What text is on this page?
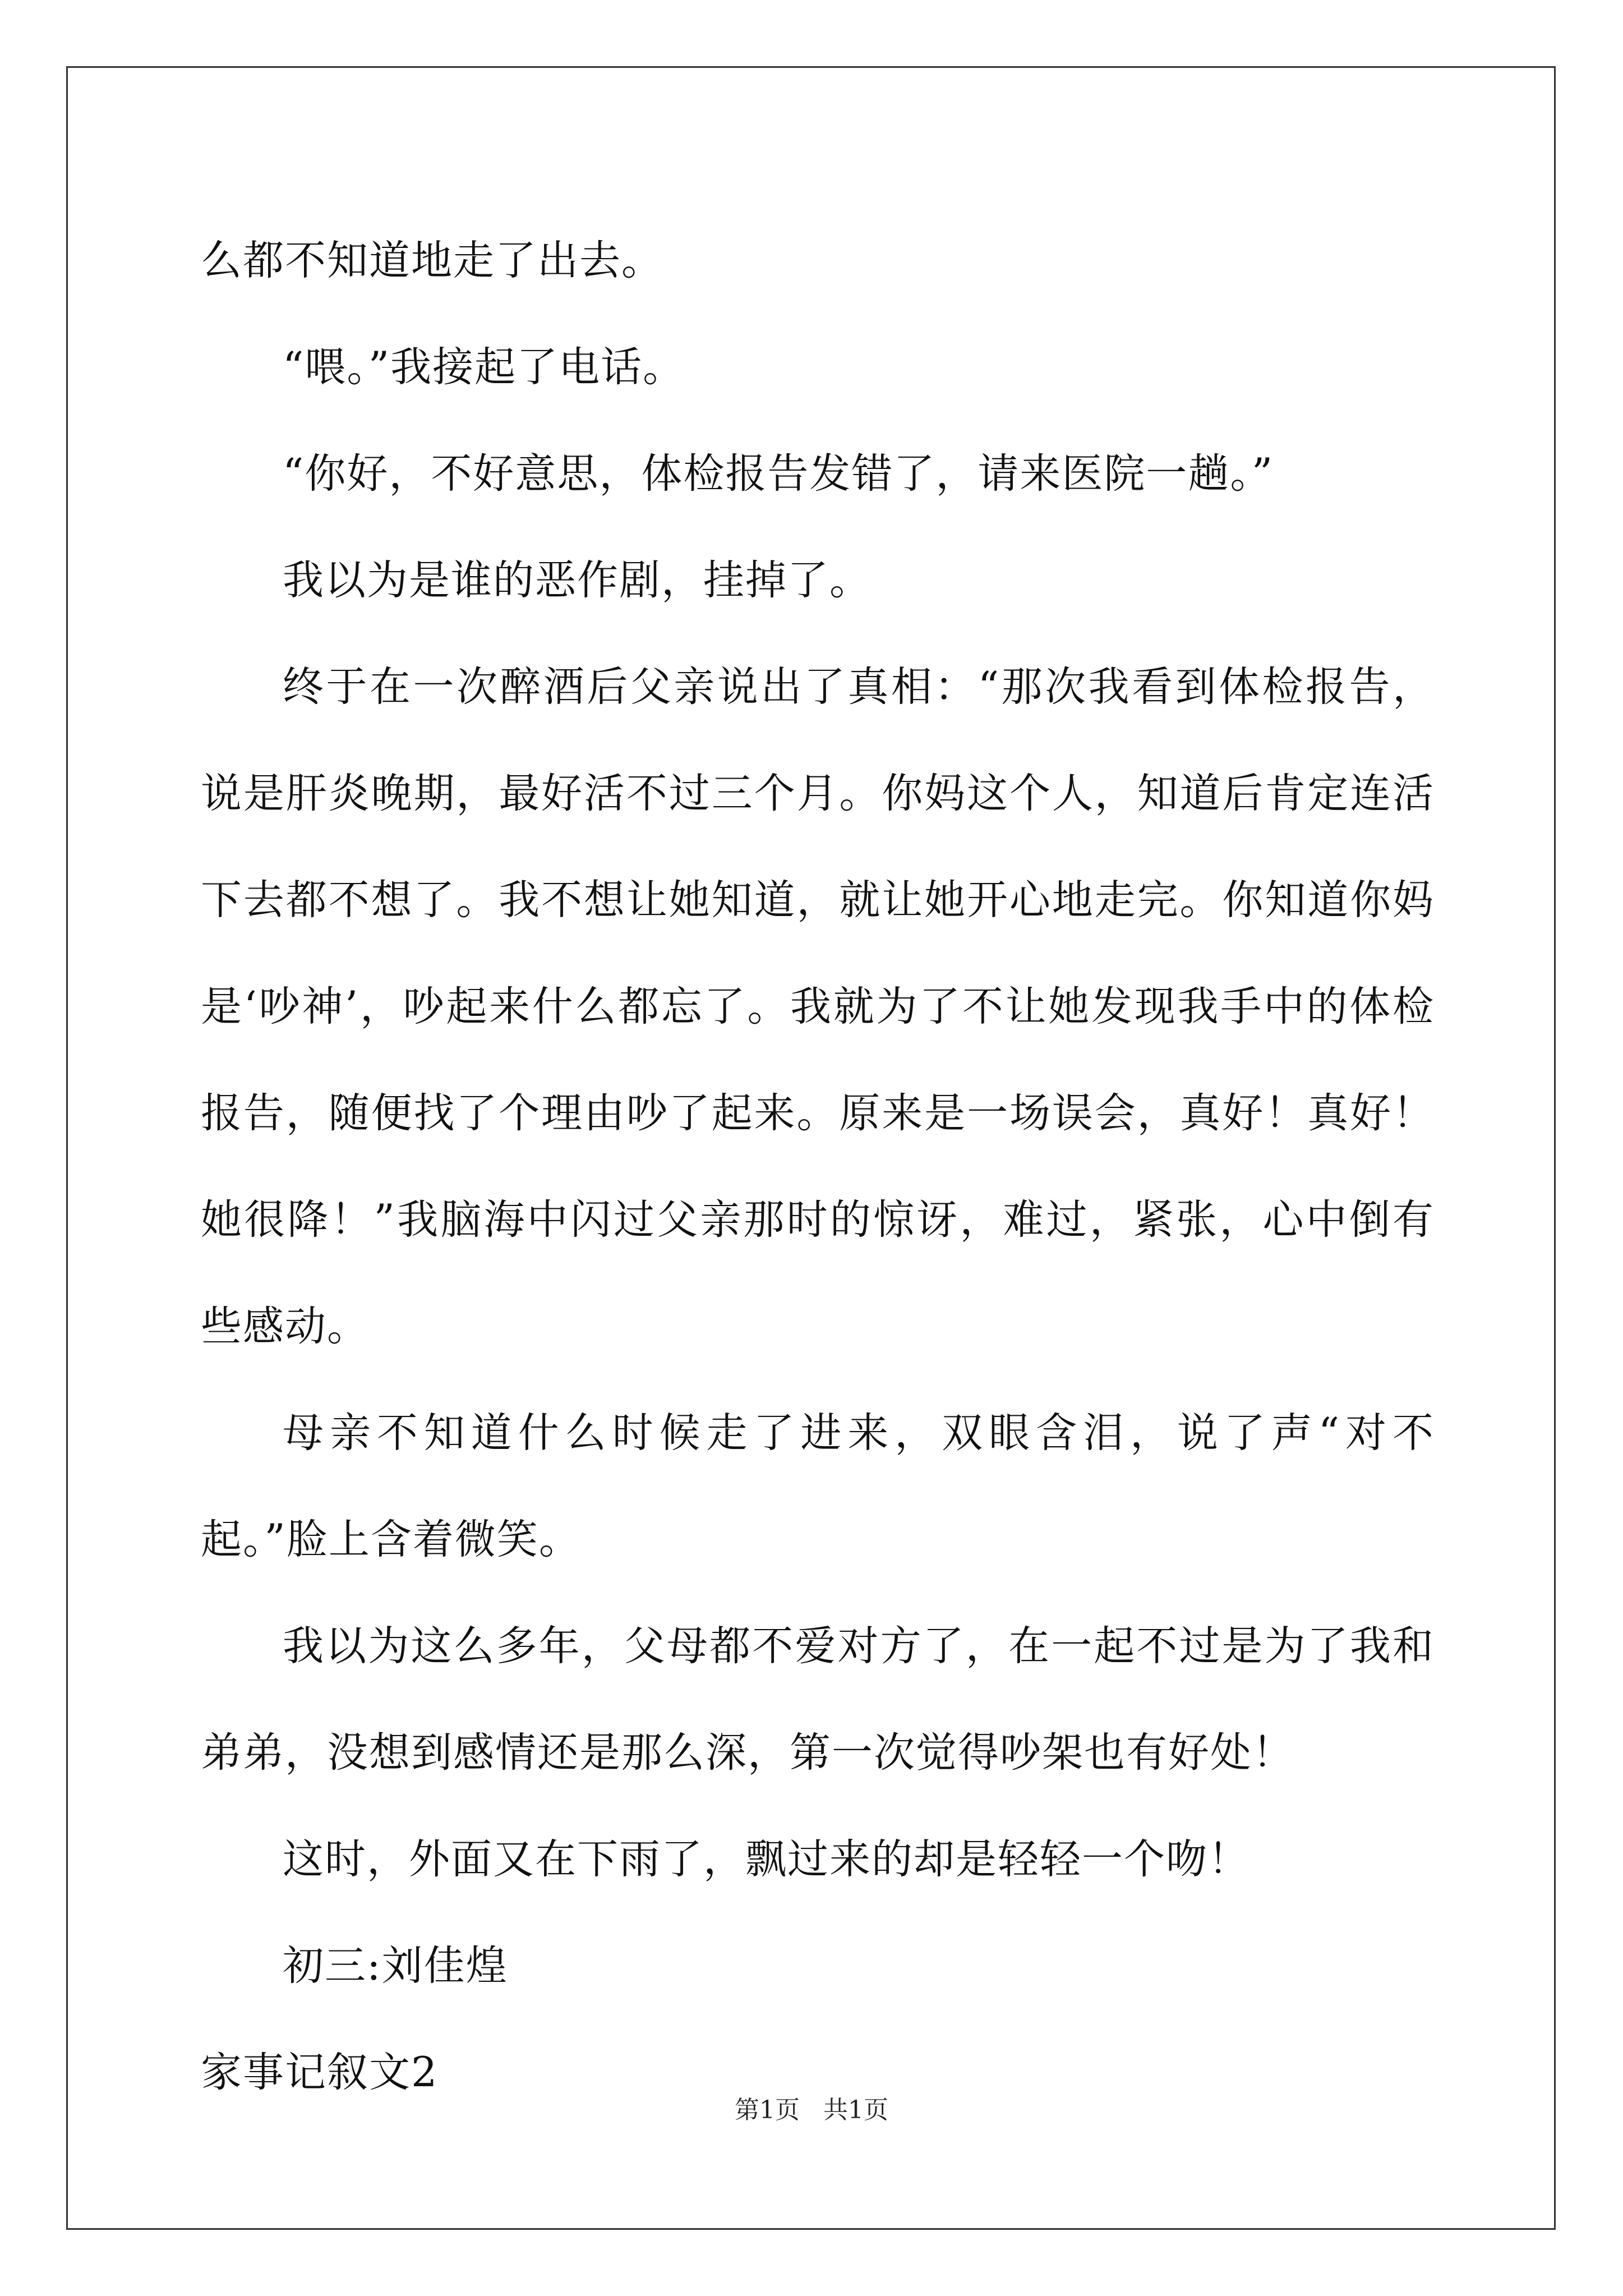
么都不知道地走了出去。

“喂。”我接起了电话。

“你好，不好意思，体检报告发错了，请来医院一趟。”

我以为是谁的恶作剧，挂掉了。

终于在一次醉酒后父亲说出了真相：“那次我看到体检报告，说是肝炎晚期，最好活不过三个月。你妈这个人，知道后肯定连活下去都不想了。我不想让她知道，就让她开心地走完。你知道你妈是‘吵神’，吵起来什么都忘了。我就为了不让她发现我手中的体检报告，随便找了个理由吵了起来。原来是一场误会，真好！真好！她很降！”我脑海中闪过父亲那时的惊讶，难过，紧张，心中倒有些感动。

母亲不知道什么时候走了进来，双眼含泪，说了声“对不起。”脸上含着微笑。

我以为这么多年，父母都不爱对方了，在一起不过是为了我和弟弟，没想到感情还是那么深，第一次觉得吵架也有好处！

这时，外面又在下雨了，飘过来的却是轻轻一个吻！

初三:刘佳煌

家事记叙文2

第1页 共1页
